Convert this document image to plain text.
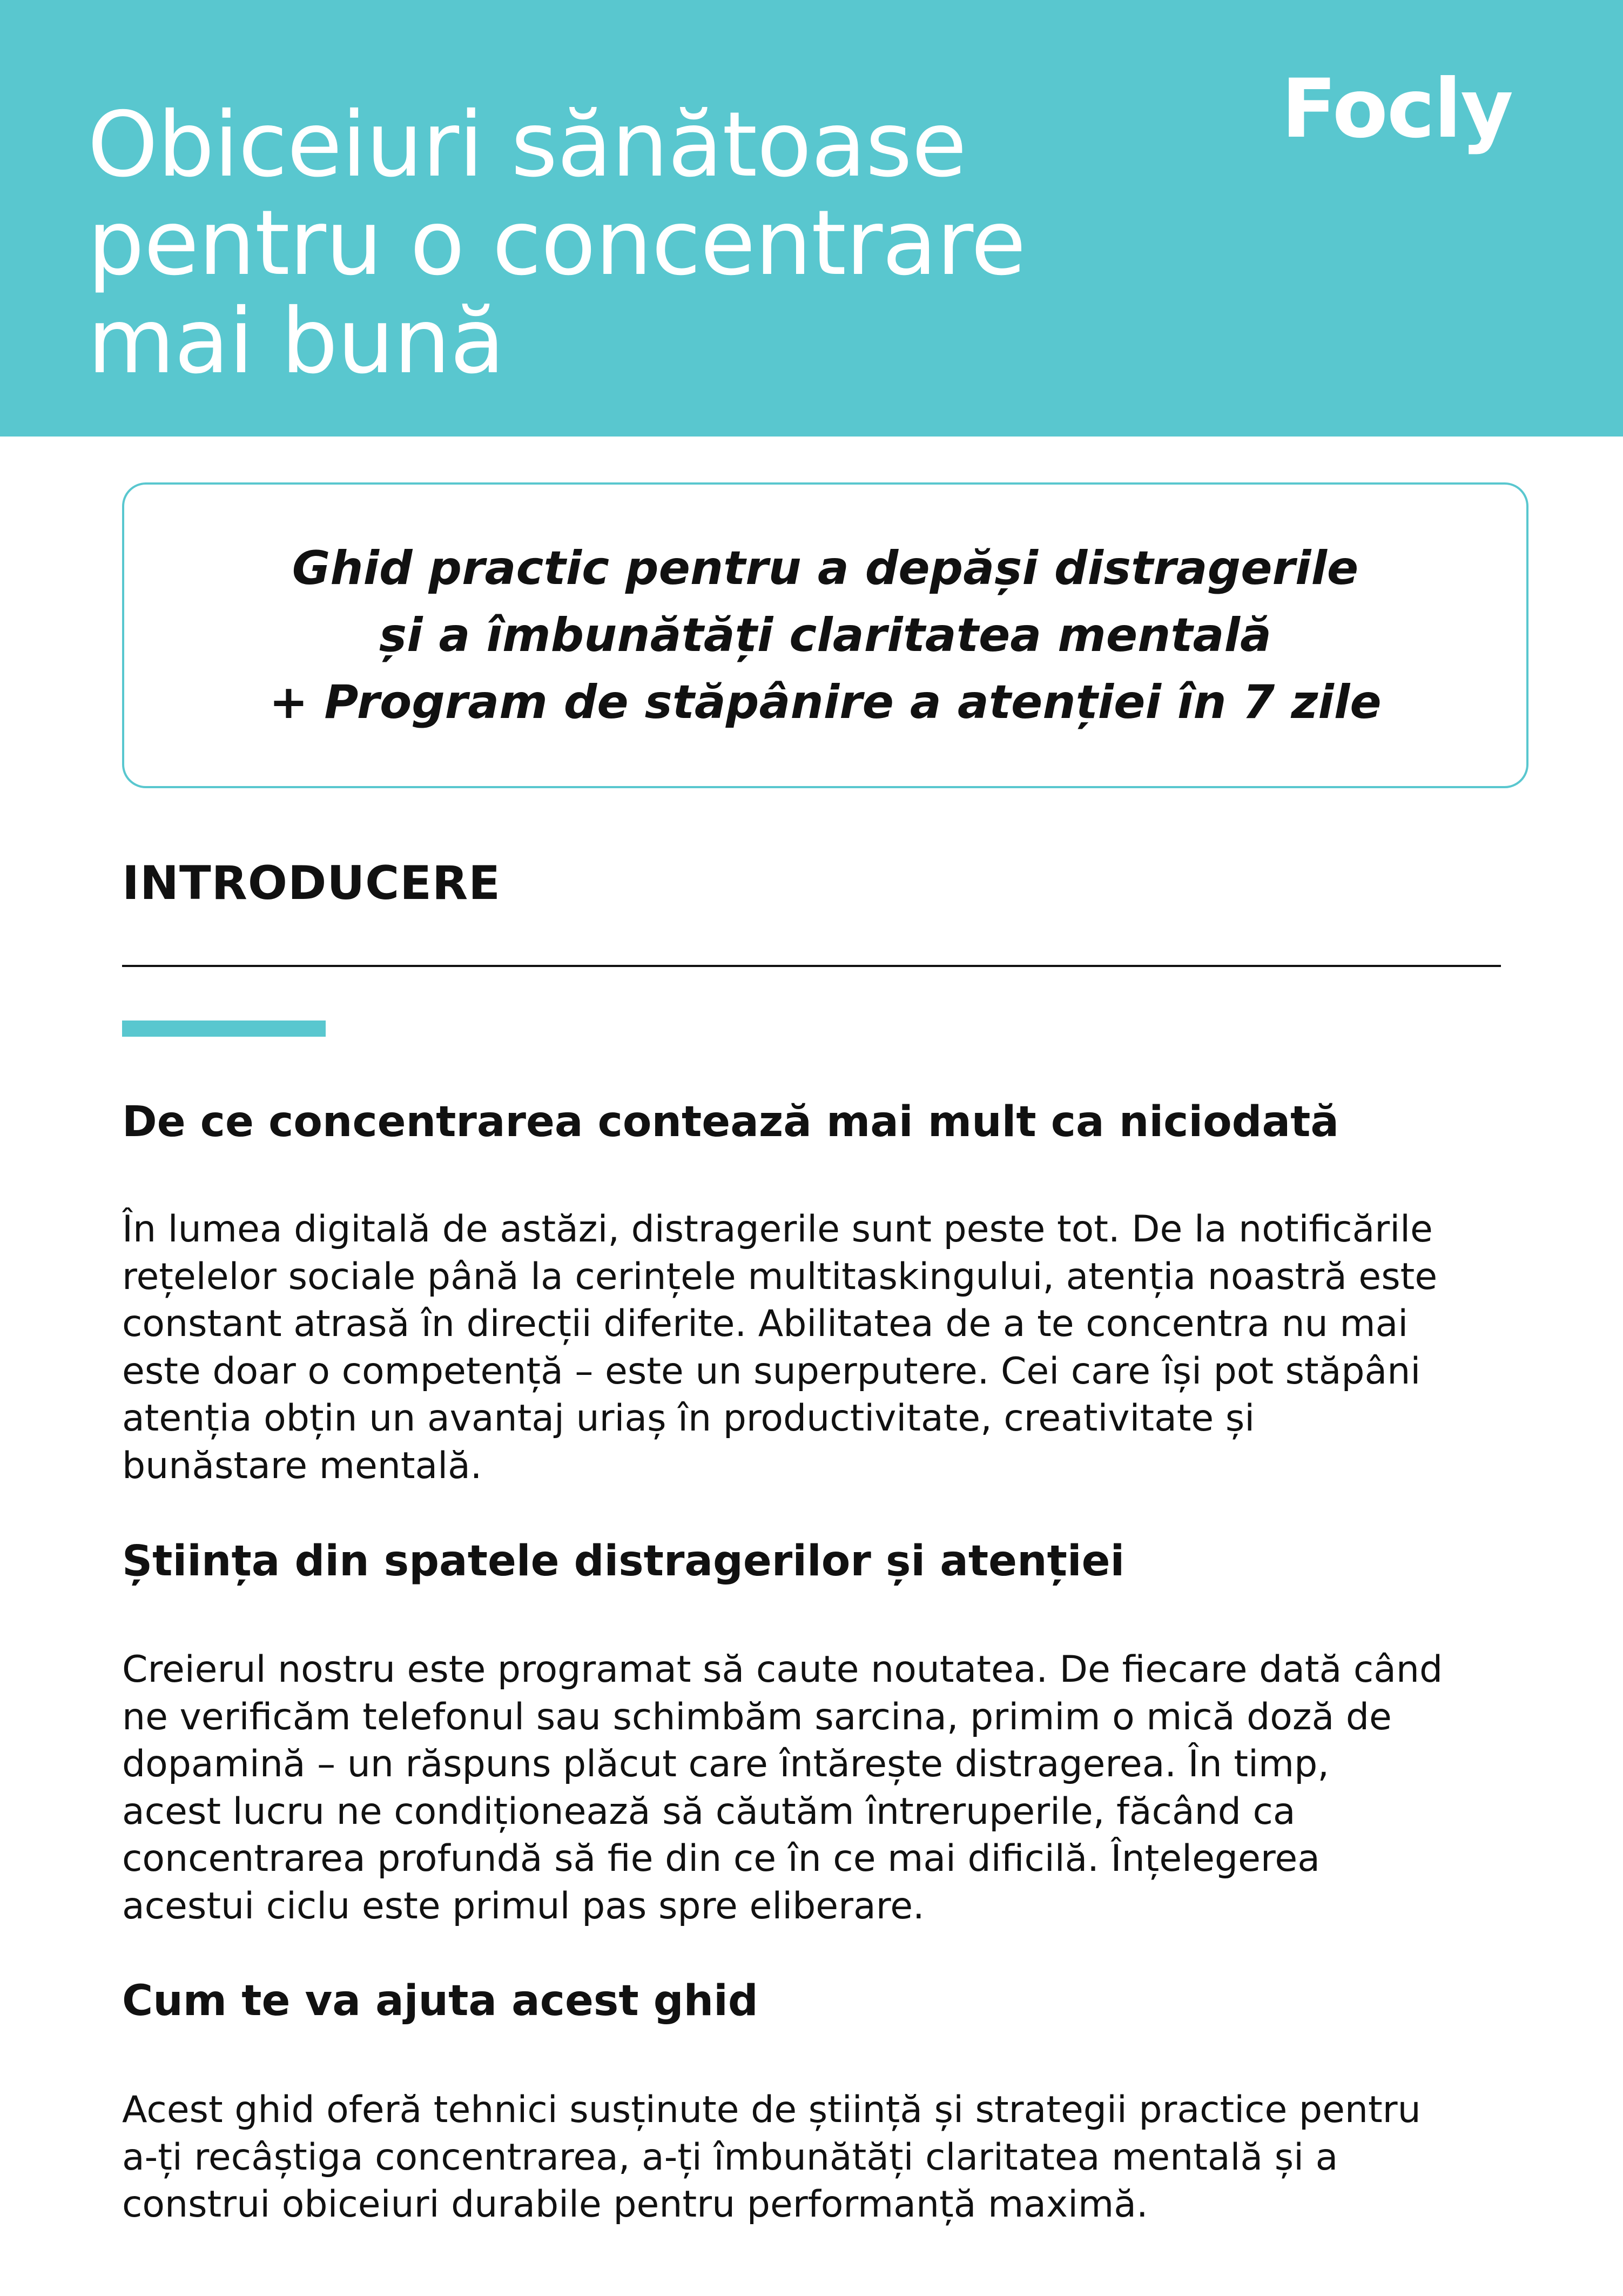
Obiceiuri sănătoase
pentru o concentrare
mai bună
Focly
Ghid practic pentru a depăși distragerile
și a îmbunătăți claritatea mentală
+ Program de stăpânire a atenției în 7 zile
INTRODUCERE
De ce concentrarea contează mai mult ca niciodată

În lumea digitală de astăzi, distragerile sunt peste tot. De la notificările
rețelelor sociale până la cerințele multitaskingului, atenția noastră este
constant atrasă în direcții diferite. Abilitatea de a te concentra nu mai
este doar o competență – este un superputere. Cei care își pot stăpâni
atenția obțin un avantaj uriaș în productivitate, creativitate și
bunăstare mentală.

Știința din spatele distragerilor și atenției

Creierul nostru este programat să caute noutatea. De fiecare dată când
ne verificăm telefonul sau schimbăm sarcina, primim o mică doză de
dopamină – un răspuns plăcut care întărește distragerea. În timp,
acest lucru ne condiționează să căutăm întreruperile, făcând ca
concentrarea profundă să fie din ce în ce mai dificilă. Înțelegerea
acestui ciclu este primul pas spre eliberare.

Cum te va ajuta acest ghid

Acest ghid oferă tehnici susținute de știință și strategii practice pentru
a-ți recâștiga concentrarea, a-ți îmbunătăți claritatea mentală și a
construi obiceiuri durabile pentru performanță maximă.
